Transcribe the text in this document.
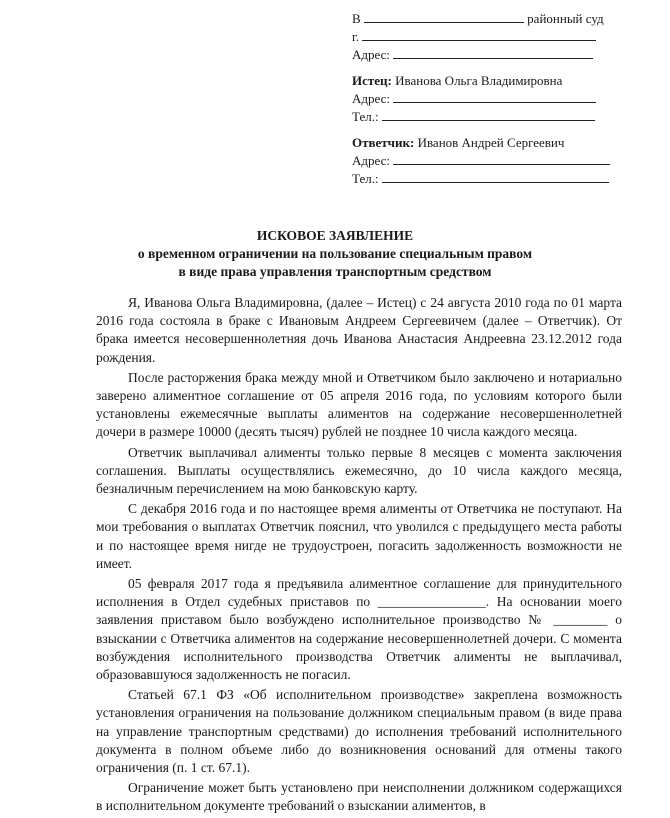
В	районный суд
г.
Адрес:
Истец: Иванова Ольга Владимировна
Адрес:
Тел.:
Ответчик: Иванов Андрей Сергеевич
Адрес:
Тел.:
ИСКОВОЕ ЗАЯВЛЕНИЕ
о временном ограничении на пользование специальным правом
в виде права управления транспортным средством

Я, Иванова Ольга Владимировна, (далее – Истец) с 24 августа 2010 года по 01 марта 2016 года состояла в браке с Ивановым Андреем Сергеевичем (далее – Ответчик). От брака имеется несовершеннолетняя дочь Иванова Анастасия Андреевна 23.12.2012 года рождения.

После расторжения брака между мной и Ответчиком было заключено и нотариально заверено алиментное соглашение от 05 апреля 2016 года, по условиям которого были установлены ежемесячные выплаты алиментов на содержание несовершеннолетней дочери в размере 10000 (десять тысяч) рублей не позднее 10 числа каждого месяца.

Ответчик выплачивал алименты только первые 8 месяцев с момента заключения соглашения. Выплаты осуществлялись ежемесячно, до 10 числа каждого месяца, безналичным перечислением на мою банковскую карту.

С декабря 2016 года и по настоящее время алименты от Ответчика не поступают. На мои требования о выплатах Ответчик пояснил, что уволился с предыдущего места работы и по настоящее время нигде не трудоустроен, погасить задолженность возможности не имеет.

05 февраля 2017 года я предъявила алиментное соглашение для принудительного исполнения в Отдел судебных приставов по ________________. На основании моего заявления приставом было возбуждено исполнительное производство № ________ о взыскании с Ответчика алиментов на содержание несовершеннолетней дочери. С момента возбуждения исполнительного производства Ответчик алименты не выплачивал, образовавшуюся задолженность не погасил.

Статьей 67.1 ФЗ «Об исполнительном производстве» закреплена возможность установления ограничения на пользование должником специальным правом (в виде права на управление транспортным средствами) до исполнения требований исполнительного документа в полном объеме либо до возникновения оснований для отмены такого ограничения (п. 1 ст. 67.1).

Ограничение может быть установлено при неисполнении должником содержащихся в исполнительном документе требований о взыскании алиментов, в
